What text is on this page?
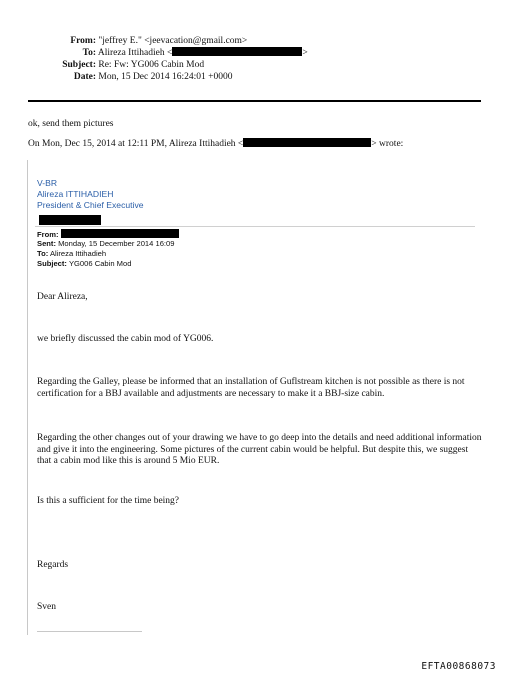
From: "jeffrey E." <jeevacation@gmail.com>
To: Alireza Ittihadieh <	>
Subject: Re: Fw: YG006 Cabin Mod
Date: Mon, 15 Dec 2014 16:24:01 +0000
ok, send them pictures
On Mon, Dec 15, 2014 at 12:11 PM, Alireza Ittihadieh <	> wrote:
V-BR
Alireza ITTIHADIEH
President & Chief Executive
From:
Sent: Monday, 15 December 2014 16:09
To: Alireza Ittihadieh
Subject: YG006 Cabin Mod
Dear Alireza,
we briefly discussed the cabin mod of YG006.
Regarding the Galley, please be informed that an installation of Guflstream kitchen is not possible as there is not certification for a BBJ available and adjustments are necessary to make it a BBJ-size cabin.
Regarding the other changes out of your drawing we have to go deep into the details and need additional information and give it into the engineering. Some pictures of the current cabin would be helpful. But despite this, we suggest that a cabin mod like this is around 5 Mio EUR.
Is this a sufficient for the time being?
Regards
Sven
EFTA00868073
